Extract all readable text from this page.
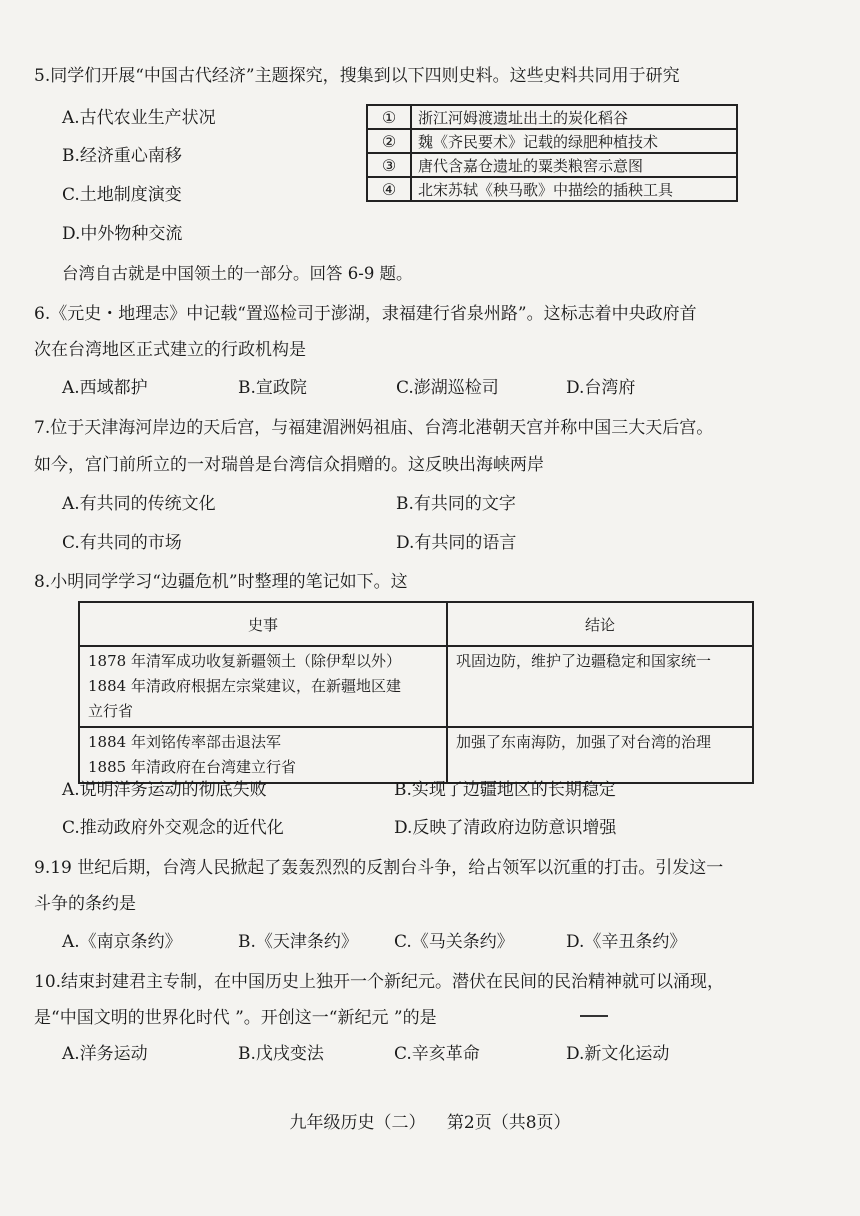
5.同学们开展“中国古代经济”主题探究，搜集到以下四则史料。这些史料共同用于研究
A.古代农业生产状况
B.经济重心南移
C.土地制度演变
D.中外物种交流
①	浙江河姆渡遗址出土的炭化稻谷
②	魏《齐民要术》记载的绿肥种植技术
③	唐代含嘉仓遗址的粟类粮窖示意图
④	北宋苏轼《秧马歌》中描绘的插秧工具
台湾自古就是中国领土的一部分。回答 6-9 题。
6.《元史・地理志》中记载“置巡检司于澎湖，隶福建行省泉州路”。这标志着中央政府首
次在台湾地区正式建立的行政机构是
A.西域都护	B.宣政院	C.澎湖巡检司	D.台湾府
7.位于天津海河岸边的天后宫，与福建湄洲妈祖庙、台湾北港朝天宫并称中国三大天后宫。
如今，宫门前所立的一对瑞兽是台湾信众捐赠的。这反映出海峡两岸
A.有共同的传统文化	B.有共同的文字
C.有共同的市场	D.有共同的语言
8.小明同学学习“边疆危机”时整理的笔记如下。这
史事	结论

1878 年清军成功收复新疆领土（除伊犁以外）
1884 年清政府根据左宗棠建议，在新疆地区建
立行省	巩固边防，维护了边疆稳定和国家统一

1884 年刘铭传率部击退法军
1885 年清政府在台湾建立行省	加强了东南海防，加强了对台湾的治理
A.说明洋务运动的彻底失败	B.实现了边疆地区的长期稳定
C.推动政府外交观念的近代化	D.反映了清政府边防意识增强
9.19 世纪后期，台湾人民掀起了轰轰烈烈的反割台斗争，给占领军以沉重的打击。引发这一
斗争的条约是
A.《南京条约》	B.《天津条约》 C.《马关条约》	D.《辛丑条约》
10.结束封建君主专制，在中国历史上独开一个新纪元。潜伏在民间的民治精神就可以涌现，
是“中国文明的世界化时代 ”。开创这一“新纪元 ”的是
A.洋务运动	B.戊戌变法	C.辛亥革命	D.新文化运动
九年级历史（二） 第2页（共8页）
